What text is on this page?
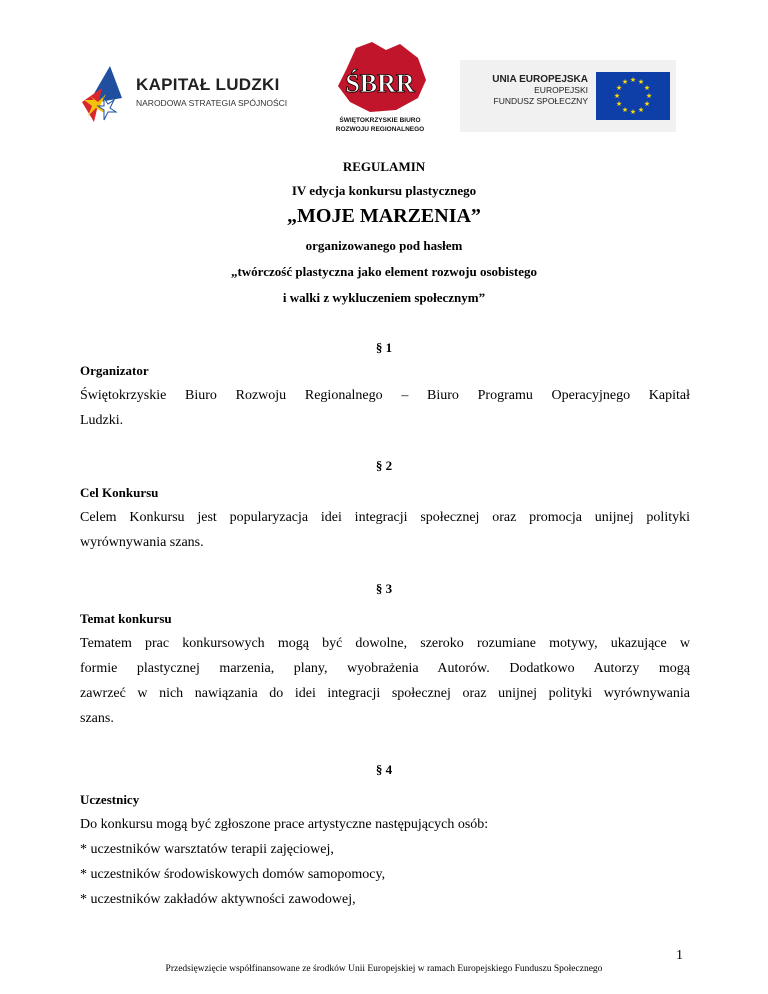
KAPITAŁ LUDZKI
NARODOWA STRATEGIA SPÓJNOŚCI
ŚBRR
ŚWIĘTOKRZYSKIE BIURO
ROZWOJU REGIONALNEGO
UNIA EUROPEJSKA
EUROPEJSKI
FUNDUSZ SPOŁECZNY
★ ★
★
★
★
★
★
★
★
★
★
★
REGULAMIN
IV edycja konkursu plastycznego
„MOJE MARZENIA”
organizowanego pod hasłem
„twórczość plastyczna jako element rozwoju osobistego
i walki z wykluczeniem społecznym”
§ 1
Organizator
Świętokrzyskie Biuro Rozwoju Regionalnego – Biuro Programu Operacyjnego Kapitał
Ludzki.
§ 2
Cel Konkursu
Celem Konkursu jest popularyzacja idei integracji społecznej oraz promocja unijnej polityki
wyrównywania szans.
§ 3
Temat konkursu
Tematem prac konkursowych mogą być dowolne, szeroko rozumiane motywy, ukazujące w
formie plastycznej marzenia, plany, wyobrażenia Autorów. Dodatkowo Autorzy mogą
zawrzeć w nich nawiązania do idei integracji społecznej oraz unijnej polityki wyrównywania
szans.
§ 4
Uczestnicy
Do konkursu mogą być zgłoszone prace artystyczne następujących osób:
* uczestników warsztatów terapii zajęciowej,
* uczestników środowiskowych domów samopomocy,
* uczestników zakładów aktywności zawodowej,
1
Przedsięwzięcie współfinansowane ze środków Unii Europejskiej w ramach Europejskiego Funduszu Społecznego
